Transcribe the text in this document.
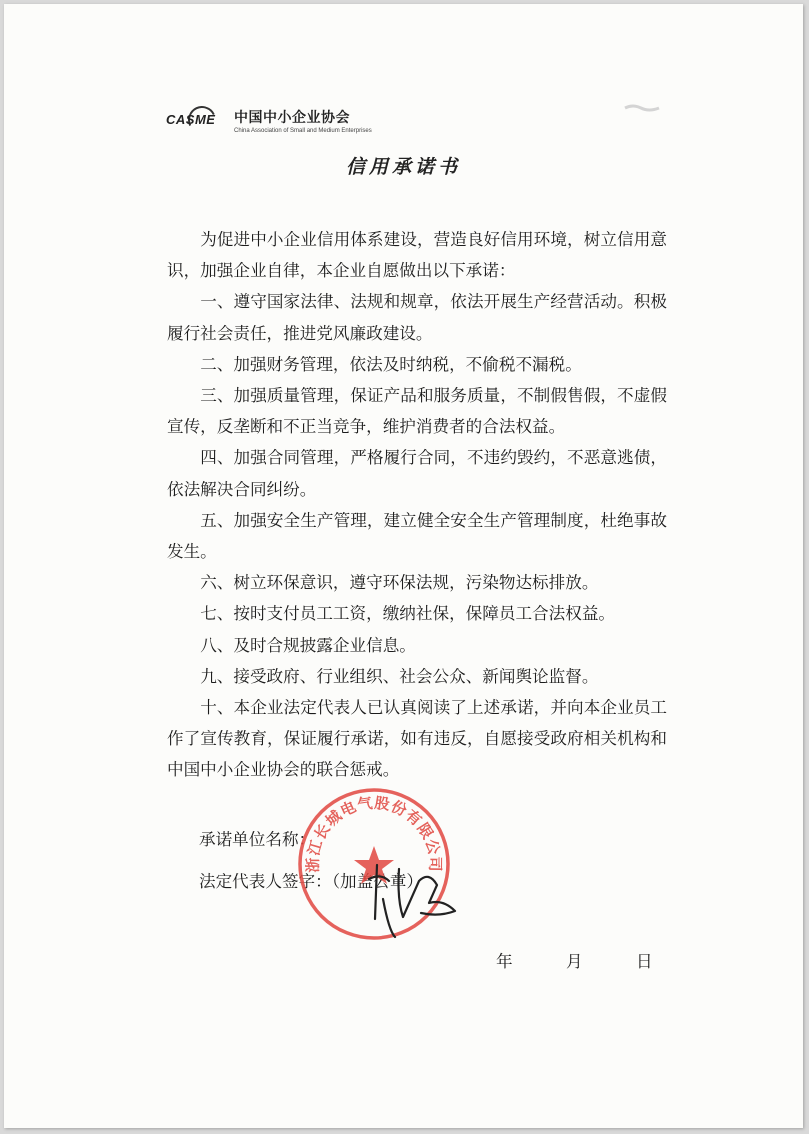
CASME 中国中小企业协会
China Association of Small and Medium Enterprises
信用承诺书

为促进中小企业信用体系建设，营造良好信用环境，树立信用意识，加强企业自律，本企业自愿做出以下承诺：

一、遵守国家法律、法规和规章，依法开展生产经营活动。积极履行社会责任，推进党风廉政建设。

二、加强财务管理，依法及时纳税，不偷税不漏税。

三、加强质量管理，保证产品和服务质量，不制假售假，不虚假宣传，反垄断和不正当竞争，维护消费者的合法权益。

四、加强合同管理，严格履行合同，不违约毁约，不恶意逃债，依法解决合同纠纷。

五、加强安全生产管理，建立健全安全生产管理制度，杜绝事故发生。

六、树立环保意识，遵守环保法规，污染物达标排放。

七、按时支付员工工资，缴纳社保，保障员工合法权益。

八、及时合规披露企业信息。

九、接受政府、行业组织、社会公众、新闻舆论监督。

十、本企业法定代表人已认真阅读了上述承诺，并向本企业员工作了宣传教育，保证履行承诺，如有违反，自愿接受政府相关机构和中国中小企业协会的联合惩戒。

承诺单位名称：
法定代表人签字：（加盖公章）
浙江长城电气股份有限公司
年	月	日
